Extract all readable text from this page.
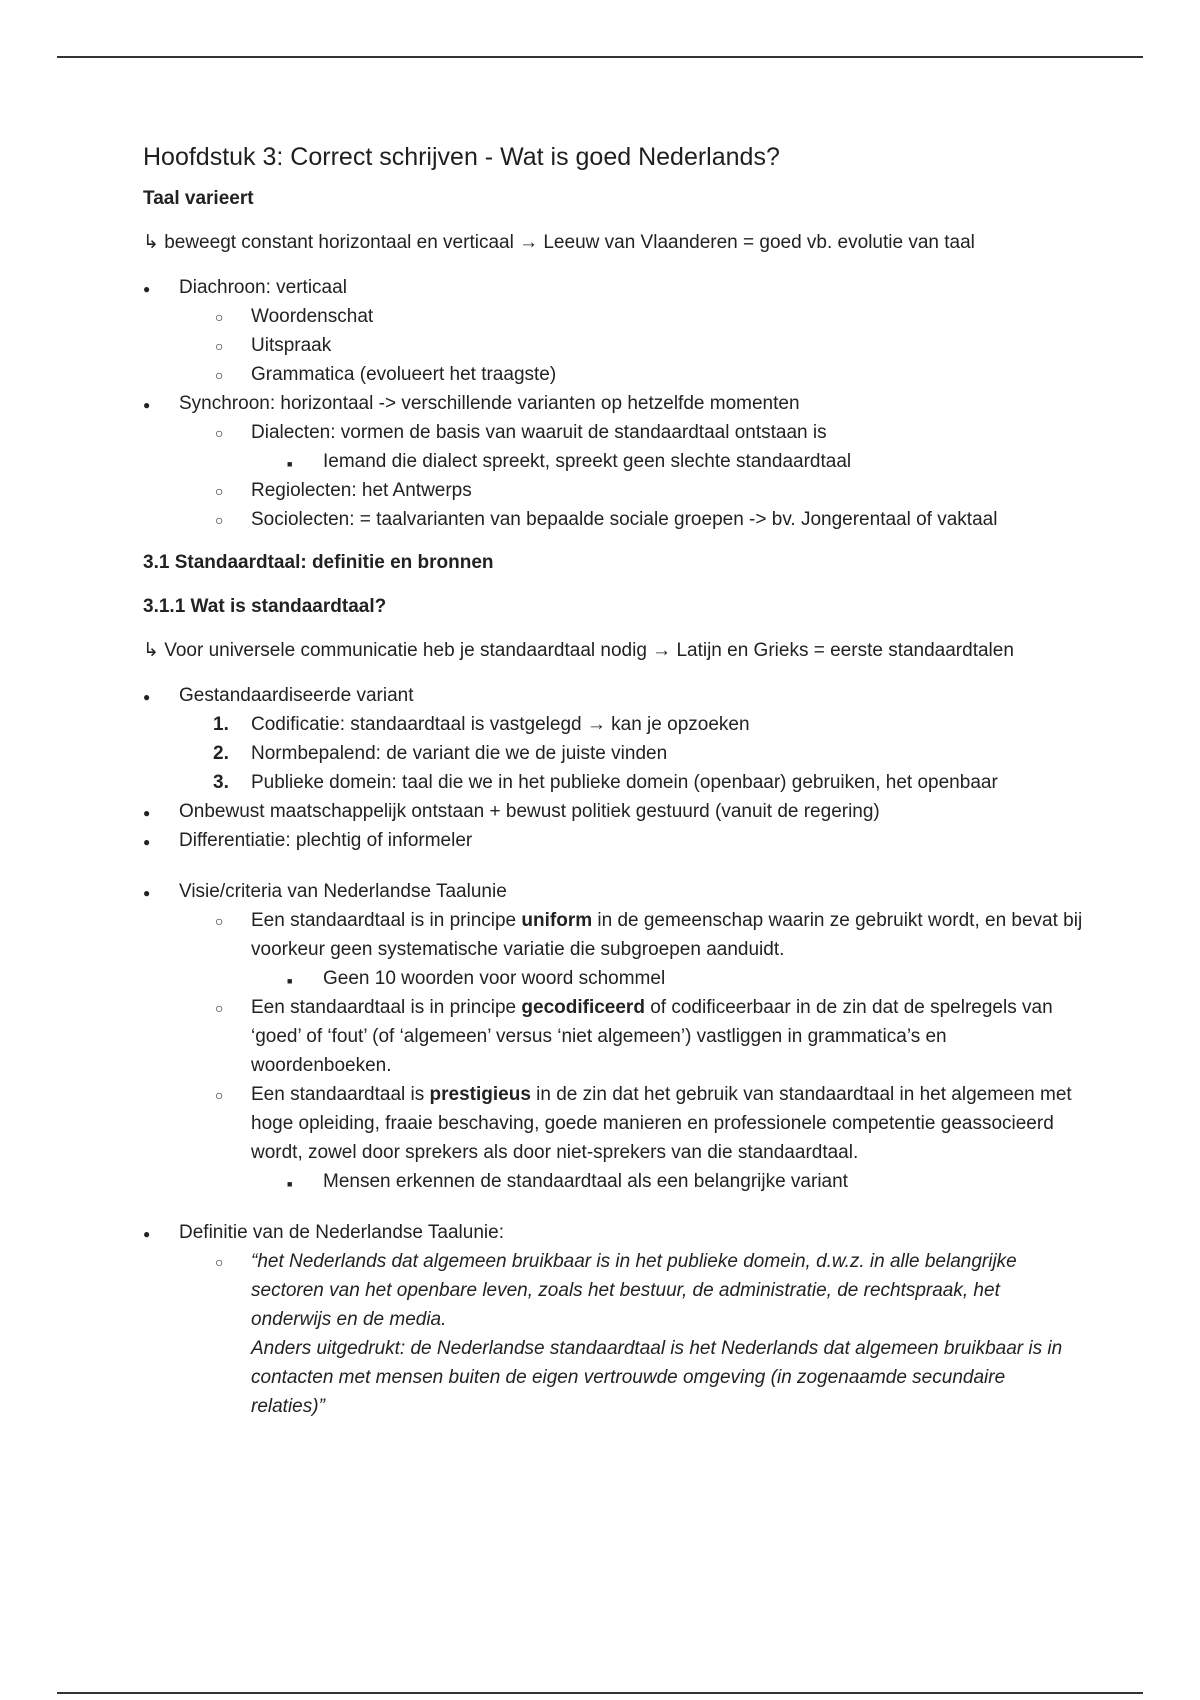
Hoofdstuk 3: Correct schrijven - Wat is goed Nederlands?

Taal varieert

↳ beweegt constant horizontaal en verticaal → Leeuw van Vlaanderen = goed vb. evolutie van taal

●
Diachroon: verticaal
○
Woordenschat
○
Uitspraak
○
Grammatica (evolueert het traagste)
●
Synchroon: horizontaal -> verschillende varianten op hetzelfde momenten
○
Dialecten: vormen de basis van waaruit de standaardtaal ontstaan is
■
Iemand die dialect spreekt, spreekt geen slechte standaardtaal
○
Regiolecten: het Antwerps
○
Sociolecten: = taalvarianten van bepaalde sociale groepen -> bv. Jongerentaal of vaktaal

3.1 Standaardtaal: definitie en bronnen

3.1.1 Wat is standaardtaal?

↳ Voor universele communicatie heb je standaardtaal nodig → Latijn en Grieks = eerste standaardtalen

●
Gestandaardiseerde variant
1. Codificatie: standaardtaal is vastgelegd → kan je opzoeken
2. Normbepalend: de variant die we de juiste vinden
3. Publieke domein: taal die we in het publieke domein (openbaar) gebruiken, het openbaar
●
Onbewust maatschappelijk ontstaan + bewust politiek gestuurd (vanuit de regering)
●
Differentiatie: plechtig of informeler
●
Visie/criteria van Nederlandse Taalunie
○
Een standaardtaal is in principe uniform in de gemeenschap waarin ze gebruikt wordt, en bevat bij voorkeur geen systematische variatie die subgroepen aanduidt.
■
Geen 10 woorden voor woord schommel
○
Een standaardtaal is in principe gecodificeerd of codificeerbaar in de zin dat de spelregels van ‘goed’ of ‘fout’ (of ‘algemeen’ versus ‘niet algemeen’) vastliggen in grammatica’s en woordenboeken.
○
Een standaardtaal is prestigieus in de zin dat het gebruik van standaardtaal in het algemeen met hoge opleiding, fraaie beschaving, goede manieren en professionele competentie geassocieerd wordt, zowel door sprekers als door niet-sprekers van die standaardtaal.
■
Mensen erkennen de standaardtaal als een belangrijke variant
●
Definitie van de Nederlandse Taalunie:
○
“het Nederlands dat algemeen bruikbaar is in het publieke domein, d.w.z. in alle belangrijke sectoren van het openbare leven, zoals het bestuur, de administratie, de rechtspraak, het onderwijs en de media.
Anders uitgedrukt: de Nederlandse standaardtaal is het Nederlands dat algemeen bruikbaar is in contacten met mensen buiten de eigen vertrouwde omgeving (in zogenaamde secundaire relaties)”
